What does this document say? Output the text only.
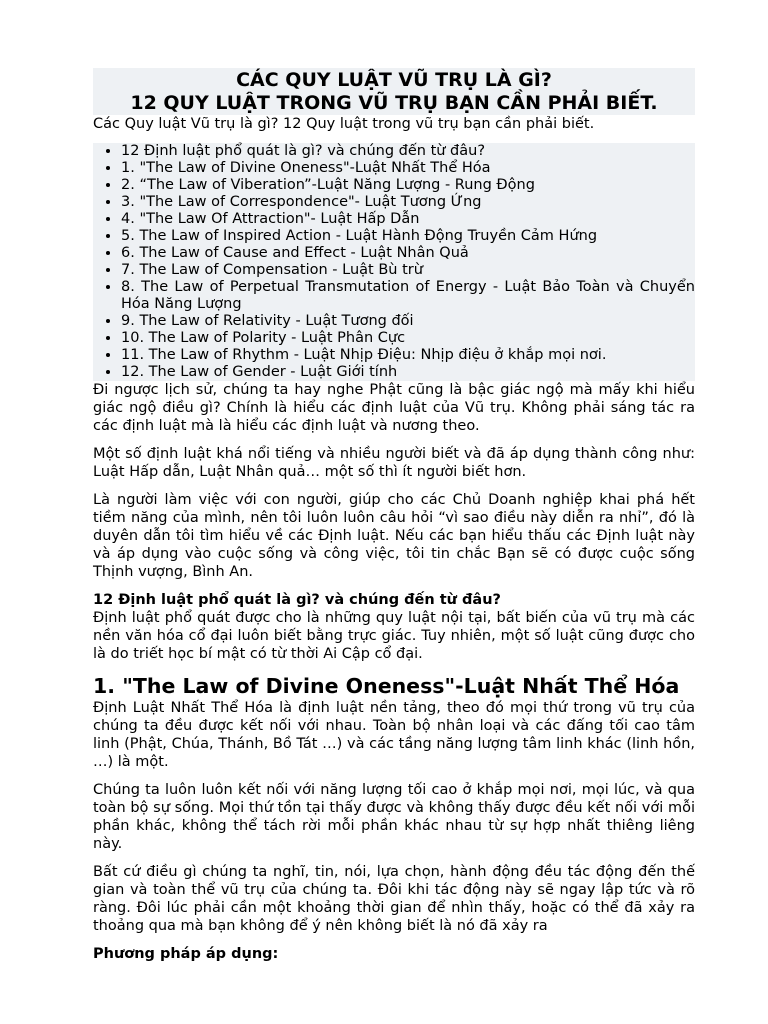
CÁC QUY LUẬT VŨ TRỤ LÀ GÌ?
12 QUY LUẬT TRONG VŨ TRỤ BẠN CẦN PHẢI BIẾT.

Các Quy luật Vũ trụ là gì? 12 Quy luật trong vũ trụ bạn cần phải biết.

• 12 Định luật phổ quát là gì? và chúng đến từ đâu?
• 1. "The Law of Divine Oneness"-Luật Nhất Thể Hóa
• 2. “The Law of Viberation”-Luật Năng Lượng - Rung Động
• 3. "The Law of Correspondence"- Luật Tương Ứng
• 4. "The Law Of Attraction"- Luật Hấp Dẫn
• 5. The Law of Inspired Action - Luật Hành Động Truyền Cảm Hứng
• 6. The Law of Cause and Effect - Luật Nhân Quả
• 7. The Law of Compensation - Luật Bù trừ
• 8. The Law of Perpetual Transmutation of Energy - Luật Bảo Toàn và Chuyển Hóa Năng Lượng
• 9. The Law of Relativity - Luật Tương đối
• 10. The Law of Polarity - Luật Phân Cực
• 11. The Law of Rhythm - Luật Nhịp Điệu: Nhịp điệu ở khắp mọi nơi.
• 12. The Law of Gender - Luật Giới tính

Đi ngược lịch sử, chúng ta hay nghe Phật cũng là bậc giác ngộ mà mấy khi hiểu giác ngộ điều gì? Chính là hiểu các định luật của Vũ trụ. Không phải sáng tác ra các định luật mà là hiểu các định luật và nương theo.

Một số định luật khá nổi tiếng và nhiều người biết và đã áp dụng thành công như: Luật Hấp dẫn, Luật Nhân quả… một số thì ít người biết hơn.

Là người làm việc với con người, giúp cho các Chủ Doanh nghiệp khai phá hết tiềm năng của mình, nên tôi luôn luôn câu hỏi “vì sao điều này diễn ra nhỉ”, đó là duyên dẫn tôi tìm hiểu về các Định luật. Nếu các bạn hiểu thấu các Định luật này và áp dụng vào cuộc sống và công việc, tôi tin chắc Bạn sẽ có được cuộc sống Thịnh vượng, Bình An.

12 Định luật phổ quát là gì? và chúng đến từ đâu?

Định luật phổ quát được cho là những quy luật nội tại, bất biến của vũ trụ mà các nền văn hóa cổ đại luôn biết bằng trực giác. Tuy nhiên, một số luật cũng được cho là do triết học bí mật có từ thời Ai Cập cổ đại.

1. "The Law of Divine Oneness"-Luật Nhất Thể Hóa

Định Luật Nhất Thể Hóa là định luật nền tảng, theo đó mọi thứ trong vũ trụ của chúng ta đều được kết nối với nhau. Toàn bộ nhân loại và các đấng tối cao tâm linh (Phật, Chúa, Thánh, Bồ Tát …) và các tầng năng lượng tâm linh khác (linh hồn, …) là một.

Chúng ta luôn luôn kết nối với năng lượng tối cao ở khắp mọi nơi, mọi lúc, và qua toàn bộ sự sống. Mọi thứ tồn tại thấy được và không thấy được đều kết nối với mỗi phần khác, không thể tách rời mỗi phần khác nhau từ sự hợp nhất thiêng liêng này.

Bất cứ điều gì chúng ta nghĩ, tin, nói, lựa chọn, hành động đều tác động đến thế gian và toàn thể vũ trụ của chúng ta. Đôi khi tác động này sẽ ngay lập tức và rõ ràng. Đôi lúc phải cần một khoảng thời gian để nhìn thấy, hoặc có thể đã xảy ra thoảng qua mà bạn không để ý nên không biết là nó đã xảy ra

Phương pháp áp dụng:
